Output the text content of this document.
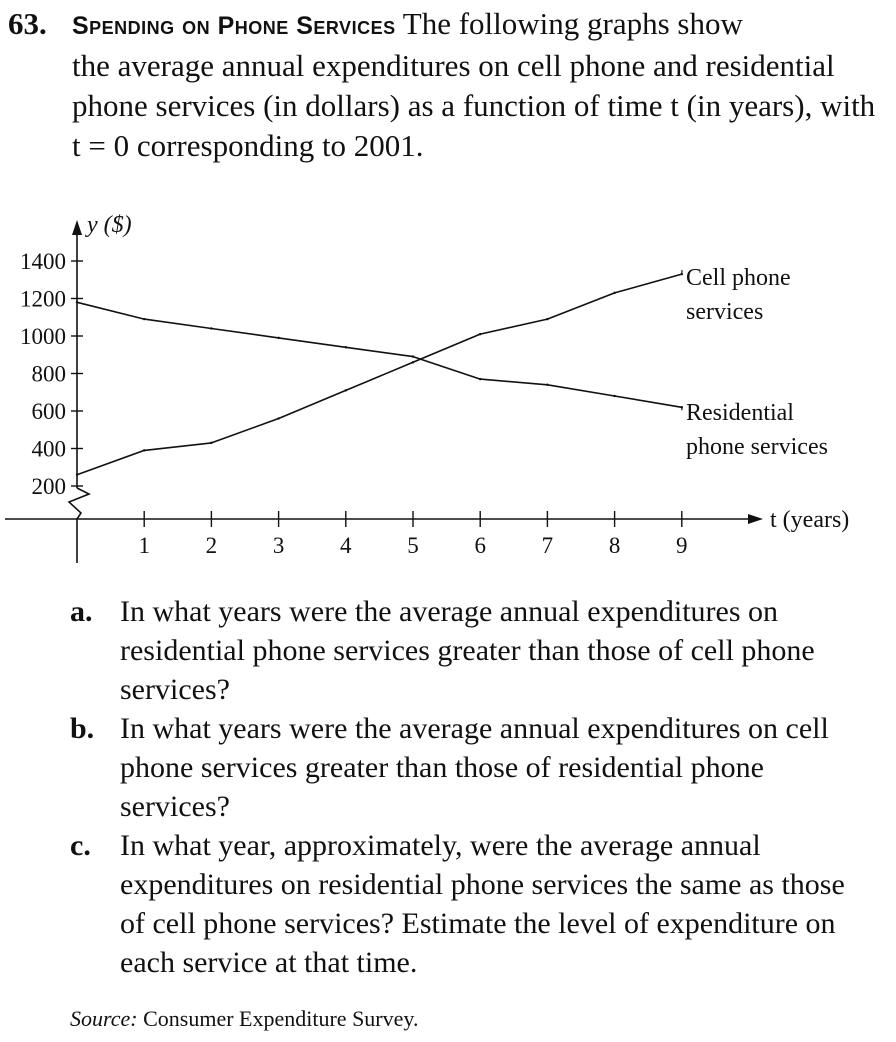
63. Spending on Phone Services The following graphs show
the average annual expenditures on cell phone and residential phone services (in dollars) as a function of time t (in years), with t = 0 corresponding to 2001.
200
400
600
800
1000
1200
1400
1 2 3 4 5 6 7 8 9
y ($)
t (years)
Cell phone
services
Residential
phone services
a. In what years were the average annual expenditures on residential phone services greater than those of cell phone services?
b. In what years were the average annual expenditures on cell phone services greater than those of residential phone services?
c. In what year, approximately, were the average annual expenditures on residential phone services the same as those of cell phone services? Estimate the level of expenditure on each service at that time.
Source: Consumer Expenditure Survey.
